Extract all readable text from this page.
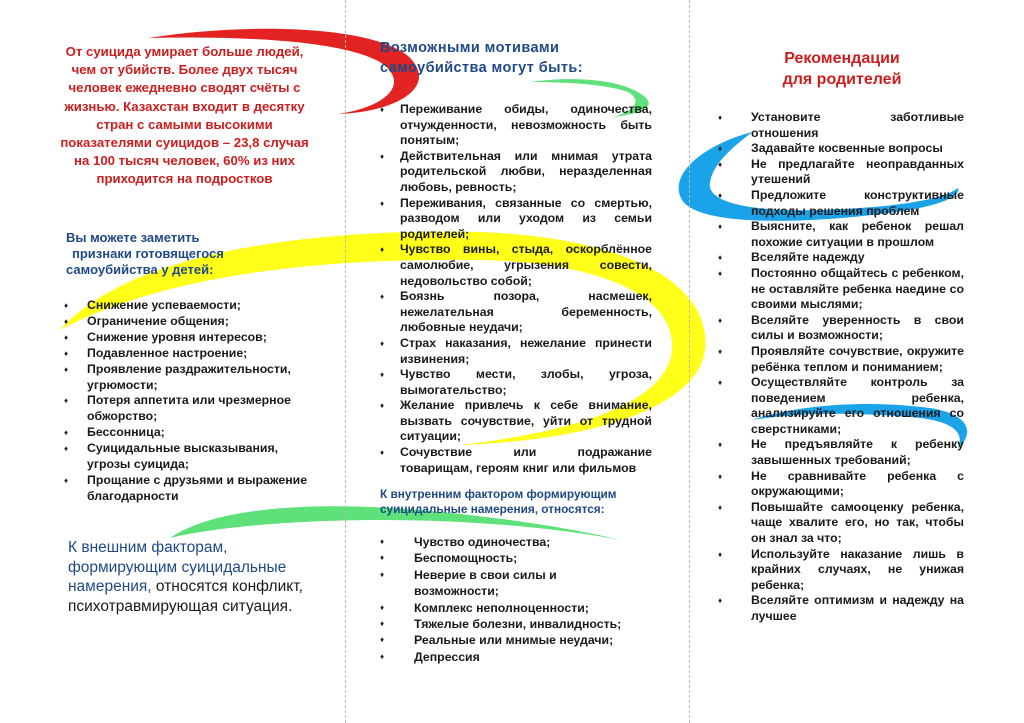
От суицида умирает больше людей, чем от убийств. Более двух тысяч человек ежедневно сводят счёты с жизнью. Казахстан входит в десятку стран с самыми высокими показателями суицидов – 23,8 случая на 100 тысяч человек, 60% из них приходится на подростков

Вы можете заметить
признаки готовящегося
самоубийства у детей:
♦ Снижение успеваемости;
♦ Ограничение общения;
♦ Снижение уровня интересов;
♦ Подавленное настроение;
♦ Проявление раздражительности, угрюмости;
♦ Потеря аппетита или чрезмерное обжорство;
♦ Бессонница;
♦ Суицидальные высказывания, угрозы суицида;
♦ Прощание с друзьями и выражение благодарности

К внешним факторам, формирующим суицидальные намерения, относятся конфликт, психотравмирующая ситуация.

Возможными мотивами
самоубийства могут быть:
♦ Переживание обиды, одиночества, отчужденности, невозможность быть понятым;
♦ Действительная или мнимая утрата родительской любви, неразделенная любовь, ревность;
♦ Переживания, связанные со смертью, разводом или уходом из семьи родителей;
♦ Чувство вины, стыда, оскорблённое самолюбие, угрызения совести, недовольство собой;
♦ Боязнь позора, насмешек, нежелательная беременность, любовные неудачи;
♦ Страх наказания, нежелание принести извинения;
♦ Чувство мести, злобы, угроза, вымогательство;
♦ Желание привлечь к себе внимание, вызвать сочувствие, уйти от трудной ситуации;
♦ Сочувствие или подражание товарищам, героям книг или фильмов
К внутренним фактором формирующим суицидальные намерения, относятся:
♦ Чувство одиночества;
♦ Беспомощность;
♦ Неверие в свои силы и возможности;
♦ Комплекс неполноценности;
♦ Тяжелые болезни, инвалидность;
♦ Реальные или мнимые неудачи;
♦ Депрессия
Рекомендации
для родителей
♦ Установите заботливые отношения
♦ Задавайте косвенные вопросы
♦ Не предлагайте неоправданных утешений
♦ Предложите конструктивные подходы решения проблем
♦ Выясните, как ребенок решал похожие ситуации в прошлом
♦ Вселяйте надежду
♦ Постоянно общайтесь с ребенком, не оставляйте ребенка наедине со своими мыслями;
♦ Вселяйте уверенность в свои силы и возможности;
♦ Проявляйте сочувствие, окружите ребёнка теплом и пониманием;
♦ Осуществляйте контроль за поведением ребенка, анализируйте его отношения со сверстниками;
♦ Не предъявляйте к ребенку завышенных требований;
♦ Не сравнивайте ребенка с окружающими;
♦ Повышайте самооценку ребенка, чаще хвалите его, но так, чтобы он знал за что;
♦ Используйте наказание лишь в крайних случаях, не унижая ребенка;
♦ Вселяйте оптимизм и надежду на лучшее
